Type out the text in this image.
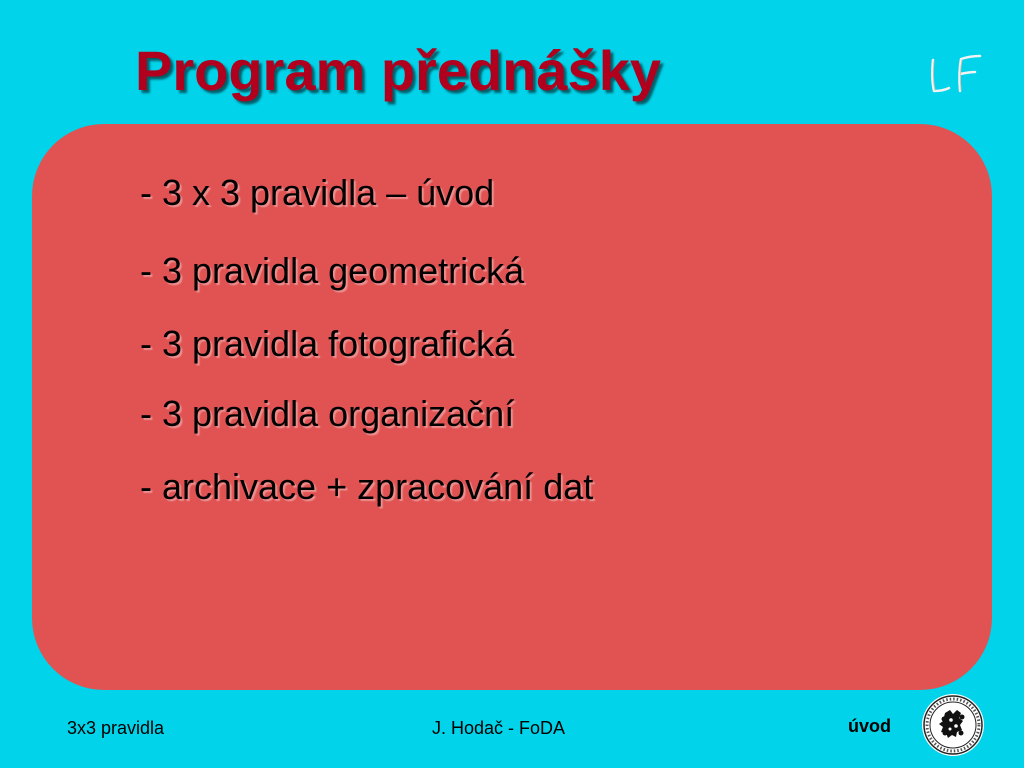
Program přednášky
- 3 x 3 pravidla – úvod
- 3 pravidla geometrická
- 3 pravidla fotografická
- 3 pravidla organizační
- archivace + zpracování dat
3x3 pravidla	J. Hodač - FoDA	úvod
